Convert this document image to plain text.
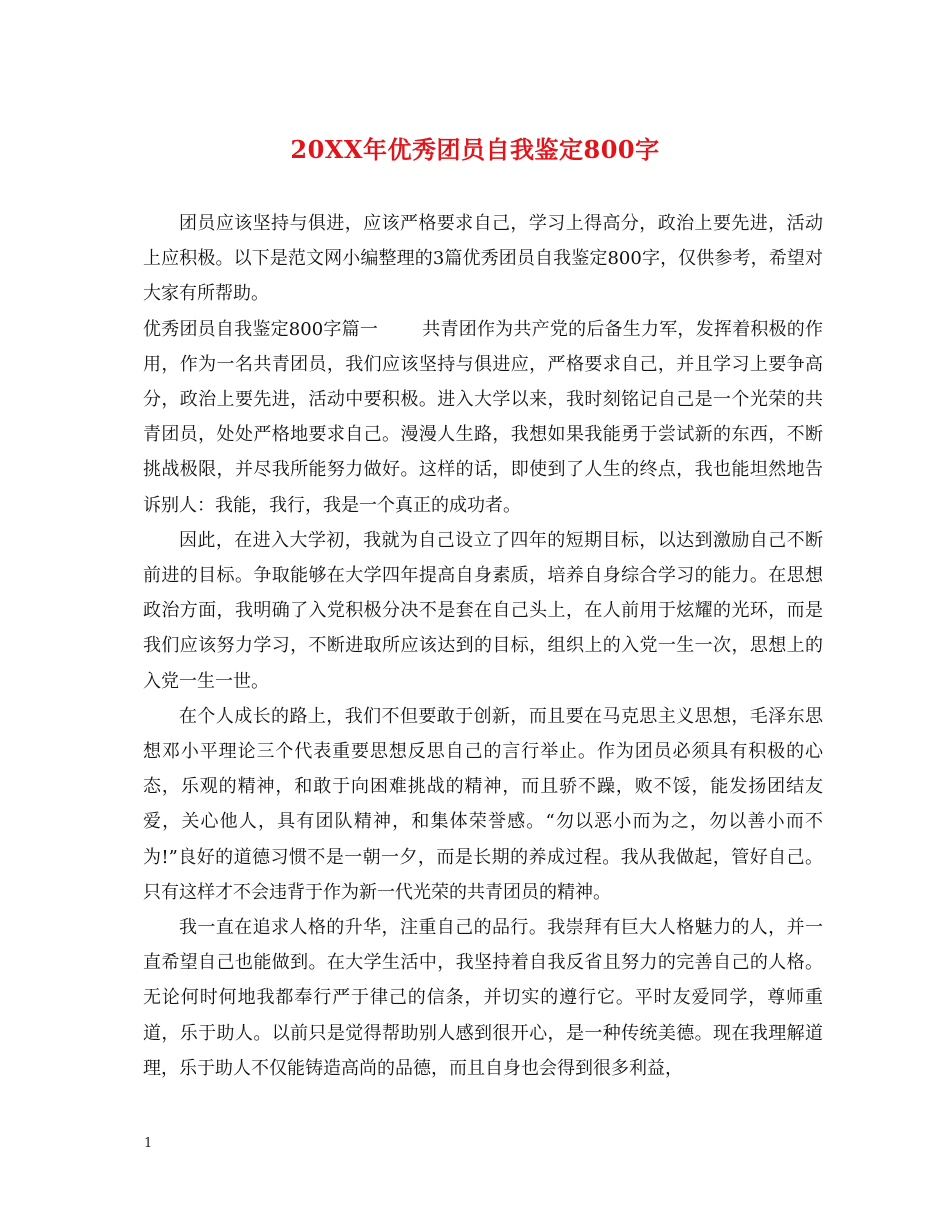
20XX年优秀团员自我鉴定800字

团员应该坚持与俱进，应该严格要求自己，学习上得高分，政治上要先进，活动上应积极。以下是范文网小编整理的3篇优秀团员自我鉴定800字，仅供参考，希望对大家有所帮助。

优秀团员自我鉴定800字篇一 共青团作为共产党的后备生力军，发挥着积极的作用，作为一名共青团员，我们应该坚持与俱进应，严格要求自己，并且学习上要争高分，政治上要先进，活动中要积极。进入大学以来，我时刻铭记自己是一个光荣的共青团员，处处严格地要求自己。漫漫人生路，我想如果我能勇于尝试新的东西，不断挑战极限，并尽我所能努力做好。这样的话，即使到了人生的终点，我也能坦然地告诉别人：我能，我行，我是一个真正的成功者。

因此，在进入大学初，我就为自己设立了四年的短期目标，以达到激励自己不断前进的目标。争取能够在大学四年提高自身素质，培养自身综合学习的能力。在思想政治方面，我明确了入党积极分决不是套在自己头上，在人前用于炫耀的光环，而是我们应该努力学习，不断进取所应该达到的目标，组织上的入党一生一次，思想上的入党一生一世。

在个人成长的路上，我们不但要敢于创新，而且要在马克思主义思想，毛泽东思想邓小平理论三个代表重要思想反思自己的言行举止。作为团员必须具有积极的心态，乐观的精神，和敢于向困难挑战的精神，而且骄不躁，败不馁，能发扬团结友爱，关心他人，具有团队精神，和集体荣誉感。“勿以恶小而为之，勿以善小而不为!”良好的道德习惯不是一朝一夕，而是长期的养成过程。我从我做起，管好自己。只有这样才不会违背于作为新一代光荣的共青团员的精神。

我一直在追求人格的升华，注重自己的品行。我崇拜有巨大人格魅力的人，并一直希望自己也能做到。在大学生活中，我坚持着自我反省且努力的完善自己的人格。无论何时何地我都奉行严于律己的信条，并切实的遵行它。平时友爱同学，尊师重道，乐于助人。以前只是觉得帮助别人感到很开心，是一种传统美德。现在我理解道理，乐于助人不仅能铸造高尚的品德，而且自身也会得到很多利益，

1
